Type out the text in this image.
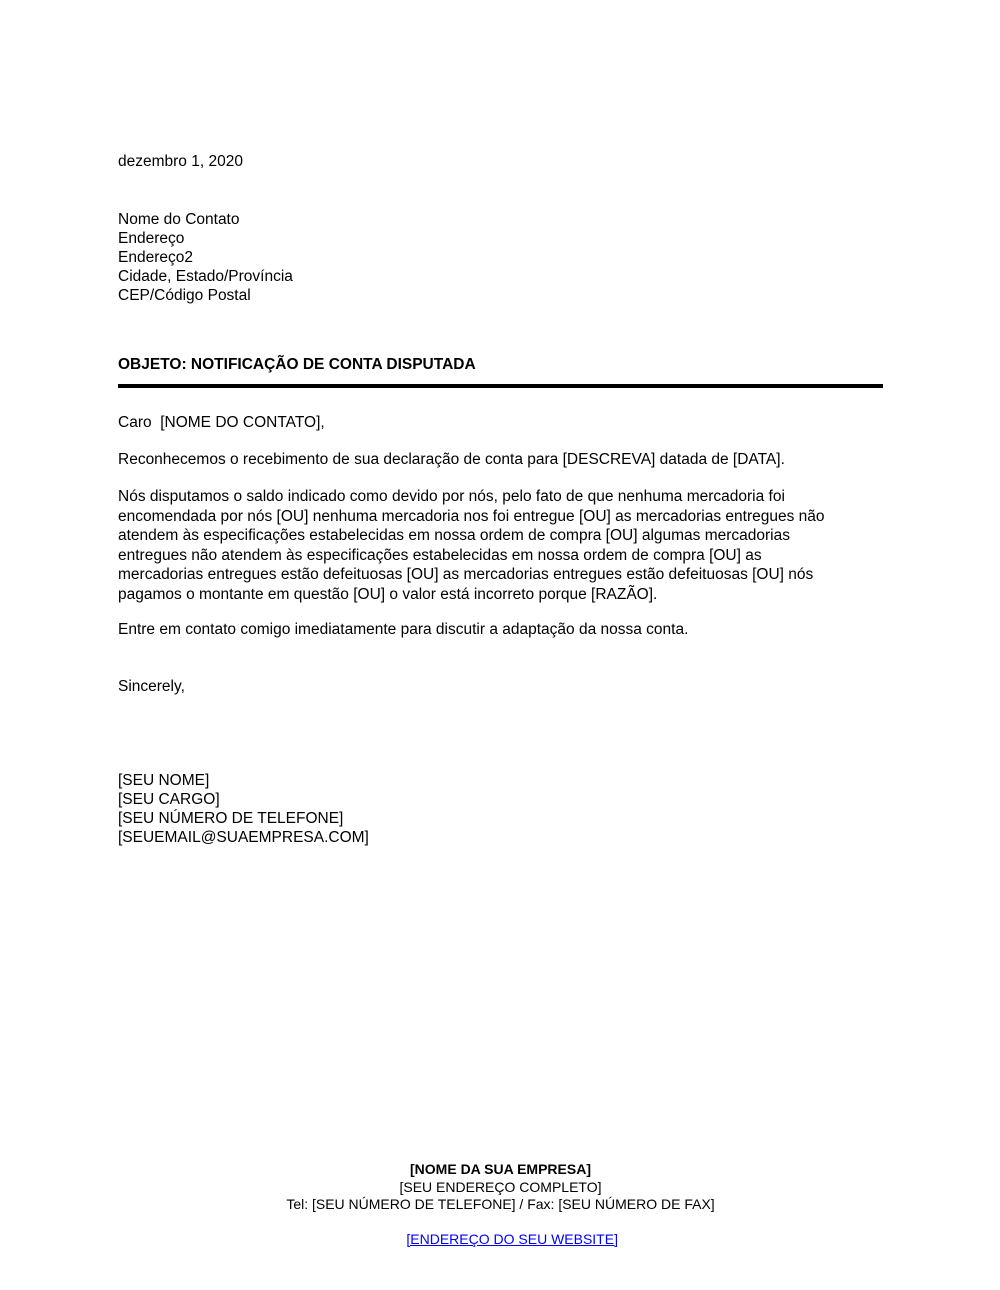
dezembro 1, 2020
Nome do Contato
Endereço
Endereço2
Cidade, Estado/Província
CEP/Código Postal
OBJETO: NOTIFICAÇÃO DE CONTA DISPUTADA
Caro  [NOME DO CONTATO],
Reconhecemos o recebimento de sua declaração de conta para [DESCREVA] datada de [DATA].
Nós disputamos o saldo indicado como devido por nós, pelo fato de que nenhuma mercadoria foi
encomendada por nós [OU] nenhuma mercadoria nos foi entregue [OU] as mercadorias entregues não
atendem às especificações estabelecidas em nossa ordem de compra [OU] algumas mercadorias
entregues não atendem às especificações estabelecidas em nossa ordem de compra [OU] as
mercadorias entregues estão defeituosas [OU] as mercadorias entregues estão defeituosas [OU] nós
pagamos o montante em questão [OU] o valor está incorreto porque [RAZÃO].
Entre em contato comigo imediatamente para discutir a adaptação da nossa conta.
Sincerely,
[SEU NOME]
[SEU CARGO]
[SEU NÚMERO DE TELEFONE]
[SEUEMAIL@SUAEMPRESA.COM]
[NOME DA SUA EMPRESA]
[SEU ENDEREÇO COMPLETO]
Tel: [SEU NÚMERO DE TELEFONE] / Fax: [SEU NÚMERO DE FAX]

[ENDEREÇO DO SEU WEBSITE]
